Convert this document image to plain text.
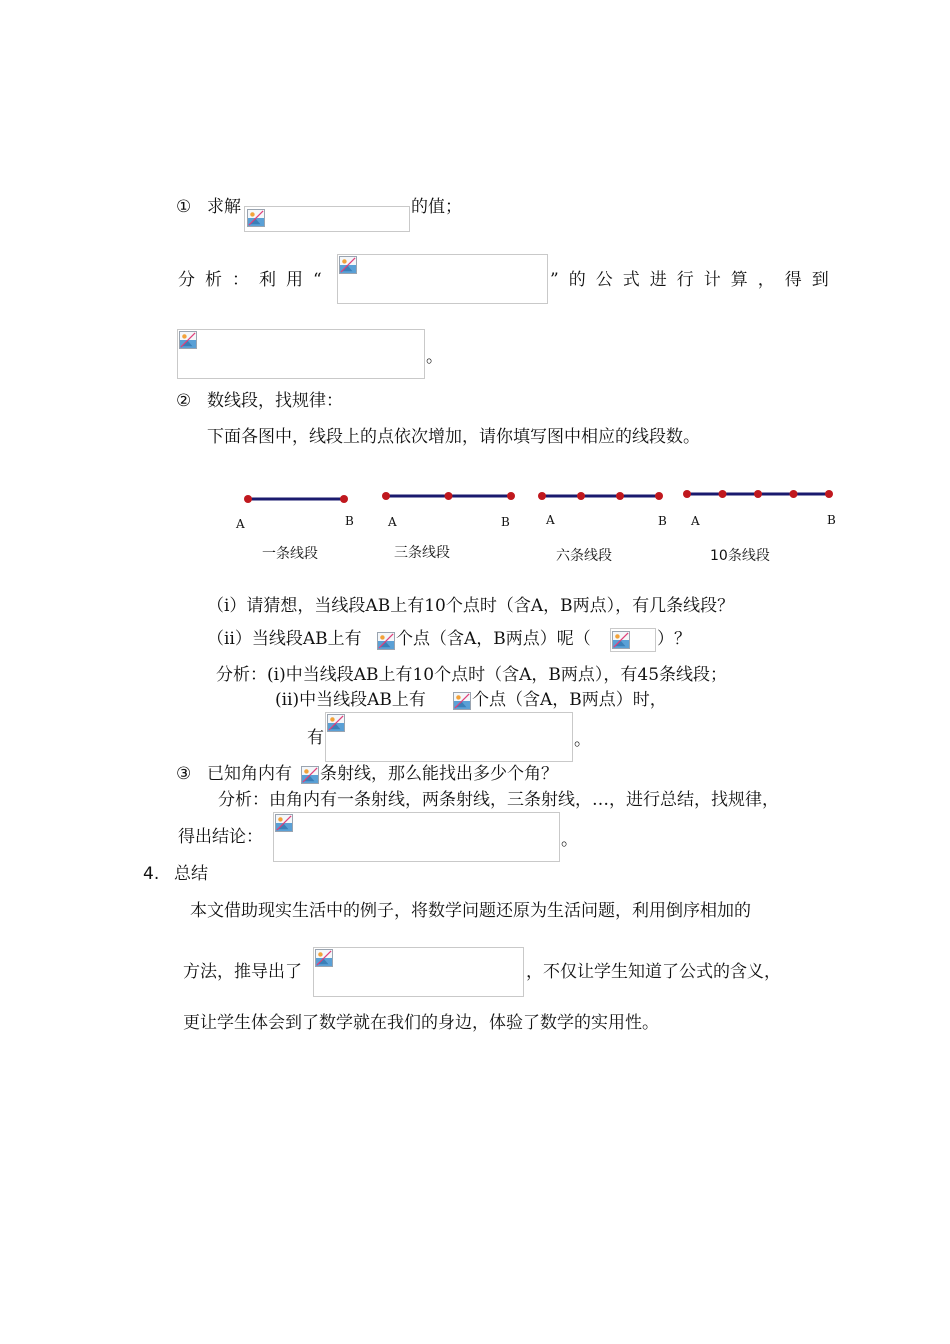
① 求解	的值；
分析：利用“	”的公式进行计算，得到
。
② 数线段，找规律：
下面各图中，线段上的点依次增加，请你填写图中相应的线段数。
A	B
一条线段
A	B
三条线段
A	B
六条线段
A	B
10条线段
（ⅰ）请猜想，当线段AB上有10个点时（含A，B两点），有几条线段？
（ⅱ）当线段AB上有 个点（含A，B两点）呢（	）？
分析：(ⅰ)中当线段AB上有10个点时（含A，B两点），有45条线段；
(ⅱ)中当线段AB上有	个点（含A，B两点）时，
有	。
③ 已知角内有 条射线，那么能找出多少个角？
分析：由角内有一条射线，两条射线，三条射线，…，进行总结，找规律，
得出结论：	。
4. 总结
本文借助现实生活中的例子，将数学问题还原为生活问题，利用倒序相加的
方法，推导出了	，不仅让学生知道了公式的含义，
更让学生体会到了数学就在我们的身边，体验了数学的实用性。
